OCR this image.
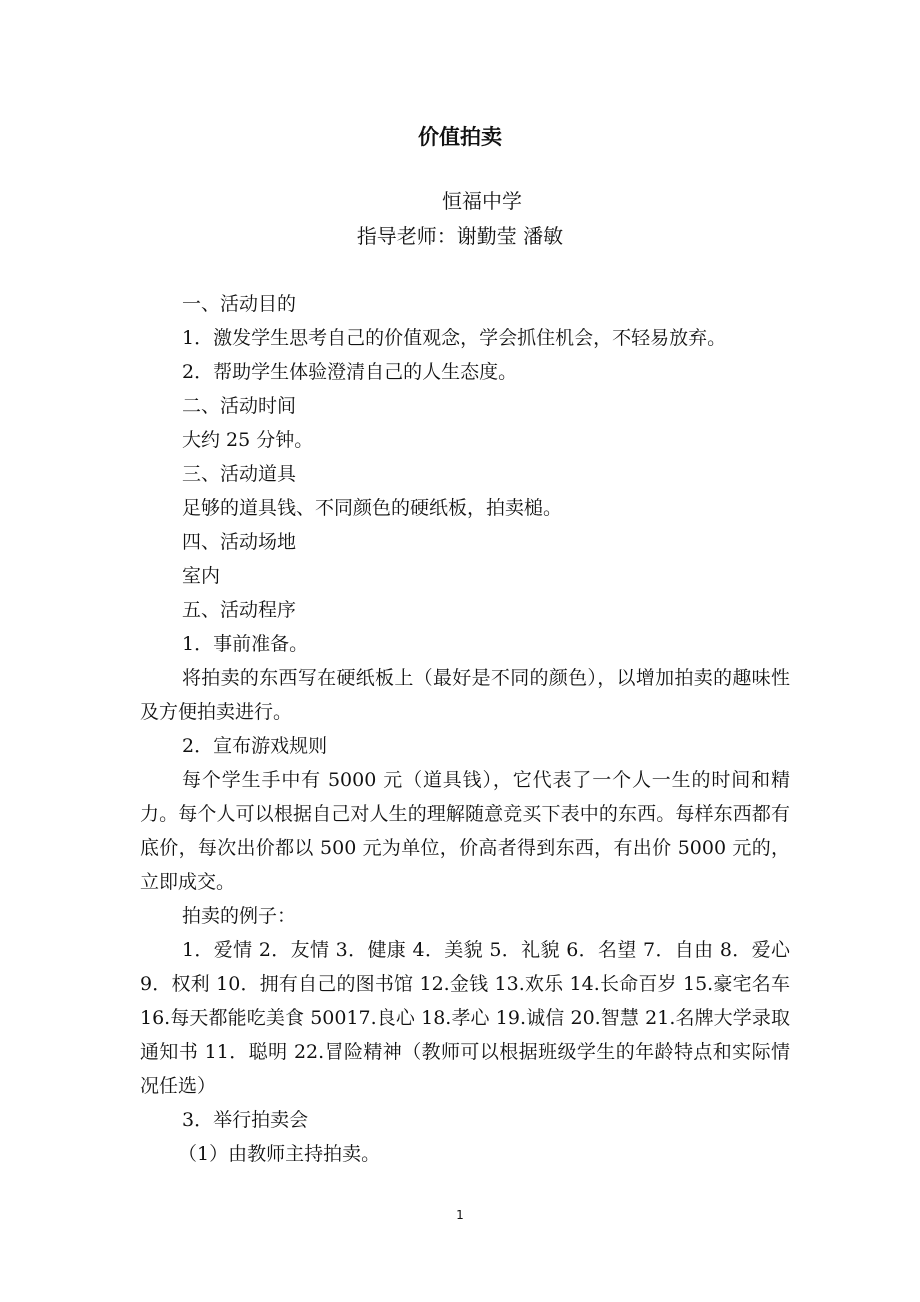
价值拍卖
恒福中学
指导老师：谢勤莹 潘敏

一、活动目的

1．激发学生思考自己的价值观念，学会抓住机会，不轻易放弃。

2．帮助学生体验澄清自己的人生态度。

二、活动时间

大约 25 分钟。

三、活动道具

足够的道具钱、不同颜色的硬纸板，拍卖槌。

四、活动场地

室内

五、活动程序

1．事前准备。

将拍卖的东西写在硬纸板上（最好是不同的颜色），以增加拍卖的趣味性及方便拍卖进行。

2．宣布游戏规则

每个学生手中有 5000 元（道具钱），它代表了一个人一生的时间和精力。每个人可以根据自己对人生的理解随意竞买下表中的东西。每样东西都有底价，每次出价都以 500 元为单位，价高者得到东西，有出价 5000 元的，立即成交。

拍卖的例子：

1．爱情 2．友情 3．健康 4．美貌 5．礼貌 6．名望 7．自由 8．爱心 9．权利 10．拥有自己的图书馆 12.金钱 13.欢乐 14.长命百岁 15.豪宅名车 16.每天都能吃美食 50017.良心 18.孝心 19.诚信 20.智慧 21.名牌大学录取通知书 11．聪明 22.冒险精神（教师可以根据班级学生的年龄特点和实际情况任选）

3．举行拍卖会

（1）由教师主持拍卖。

1
